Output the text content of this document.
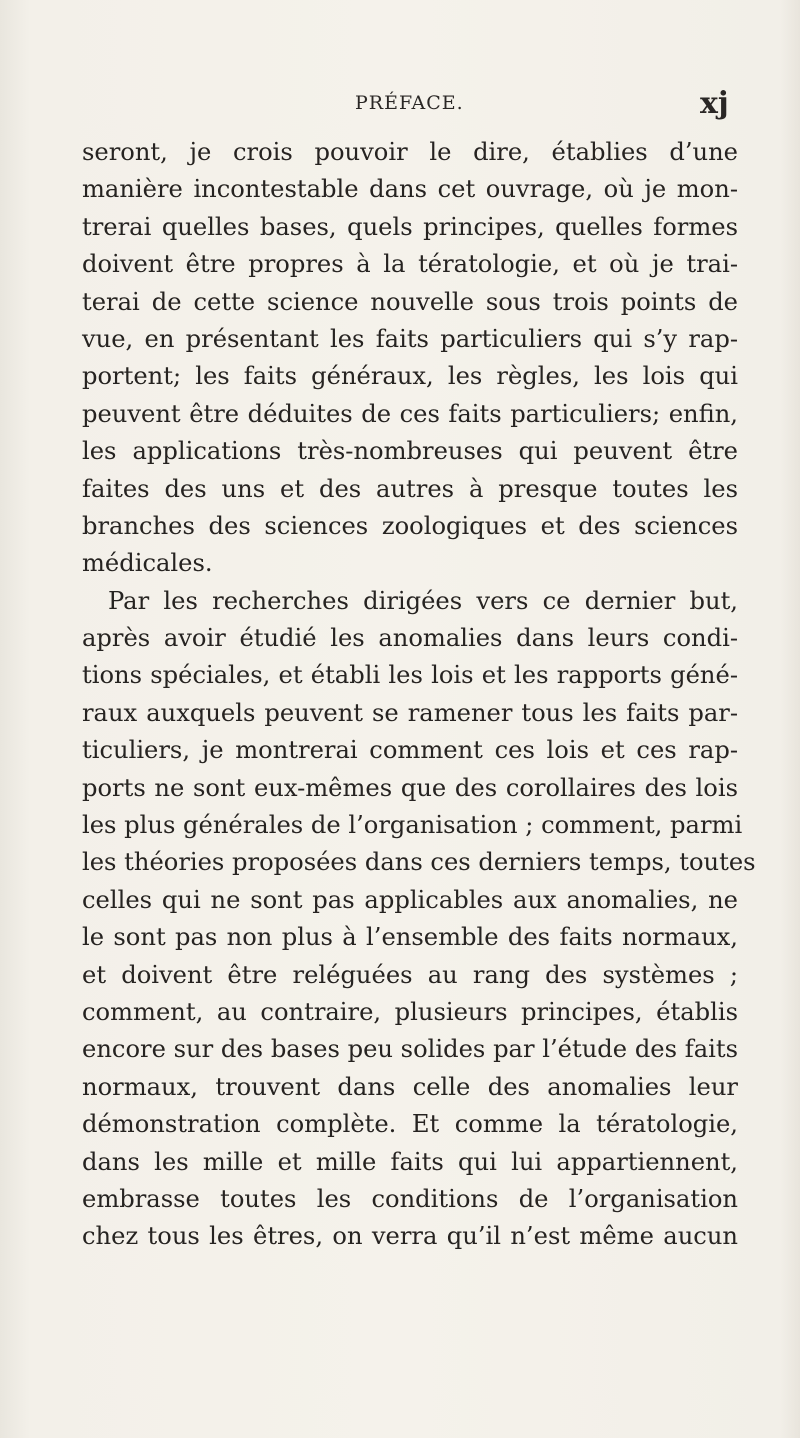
PRÉFACE.	xj
seront, je crois pouvoir le dire, établies d’une
manière incontestable dans cet ouvrage, où je mon-
trerai quelles bases, quels principes, quelles formes
doivent être propres à la tératologie, et où je trai-
terai de cette science nouvelle sous trois points de
vue, en présentant les faits particuliers qui s’y rap-
portent; les faits généraux, les règles, les lois qui
peuvent être déduites de ces faits particuliers; enfin,
les applications très-nombreuses qui peuvent être
faites des uns et des autres à presque toutes les
branches des sciences zoologiques et des sciences
médicales.
Par les recherches dirigées vers ce dernier but,
après avoir étudié les anomalies dans leurs condi-
tions spéciales, et établi les lois et les rapports géné-
raux auxquels peuvent se ramener tous les faits par-
ticuliers, je montrerai comment ces lois et ces rap-
ports ne sont eux-mêmes que des corollaires des lois
les plus générales de l’organisation ; comment, parmi
les théories proposées dans ces derniers temps, toutes
celles qui ne sont pas applicables aux anomalies, ne
le sont pas non plus à l’ensemble des faits normaux,
et doivent être reléguées au rang des systèmes ;
comment, au contraire, plusieurs principes, établis
encore sur des bases peu solides par l’étude des faits
normaux, trouvent dans celle des anomalies leur
démonstration complète. Et comme la tératologie,
dans les mille et mille faits qui lui appartiennent,
embrasse toutes les conditions de l’organisation
chez tous les êtres, on verra qu’il n’est même aucun
